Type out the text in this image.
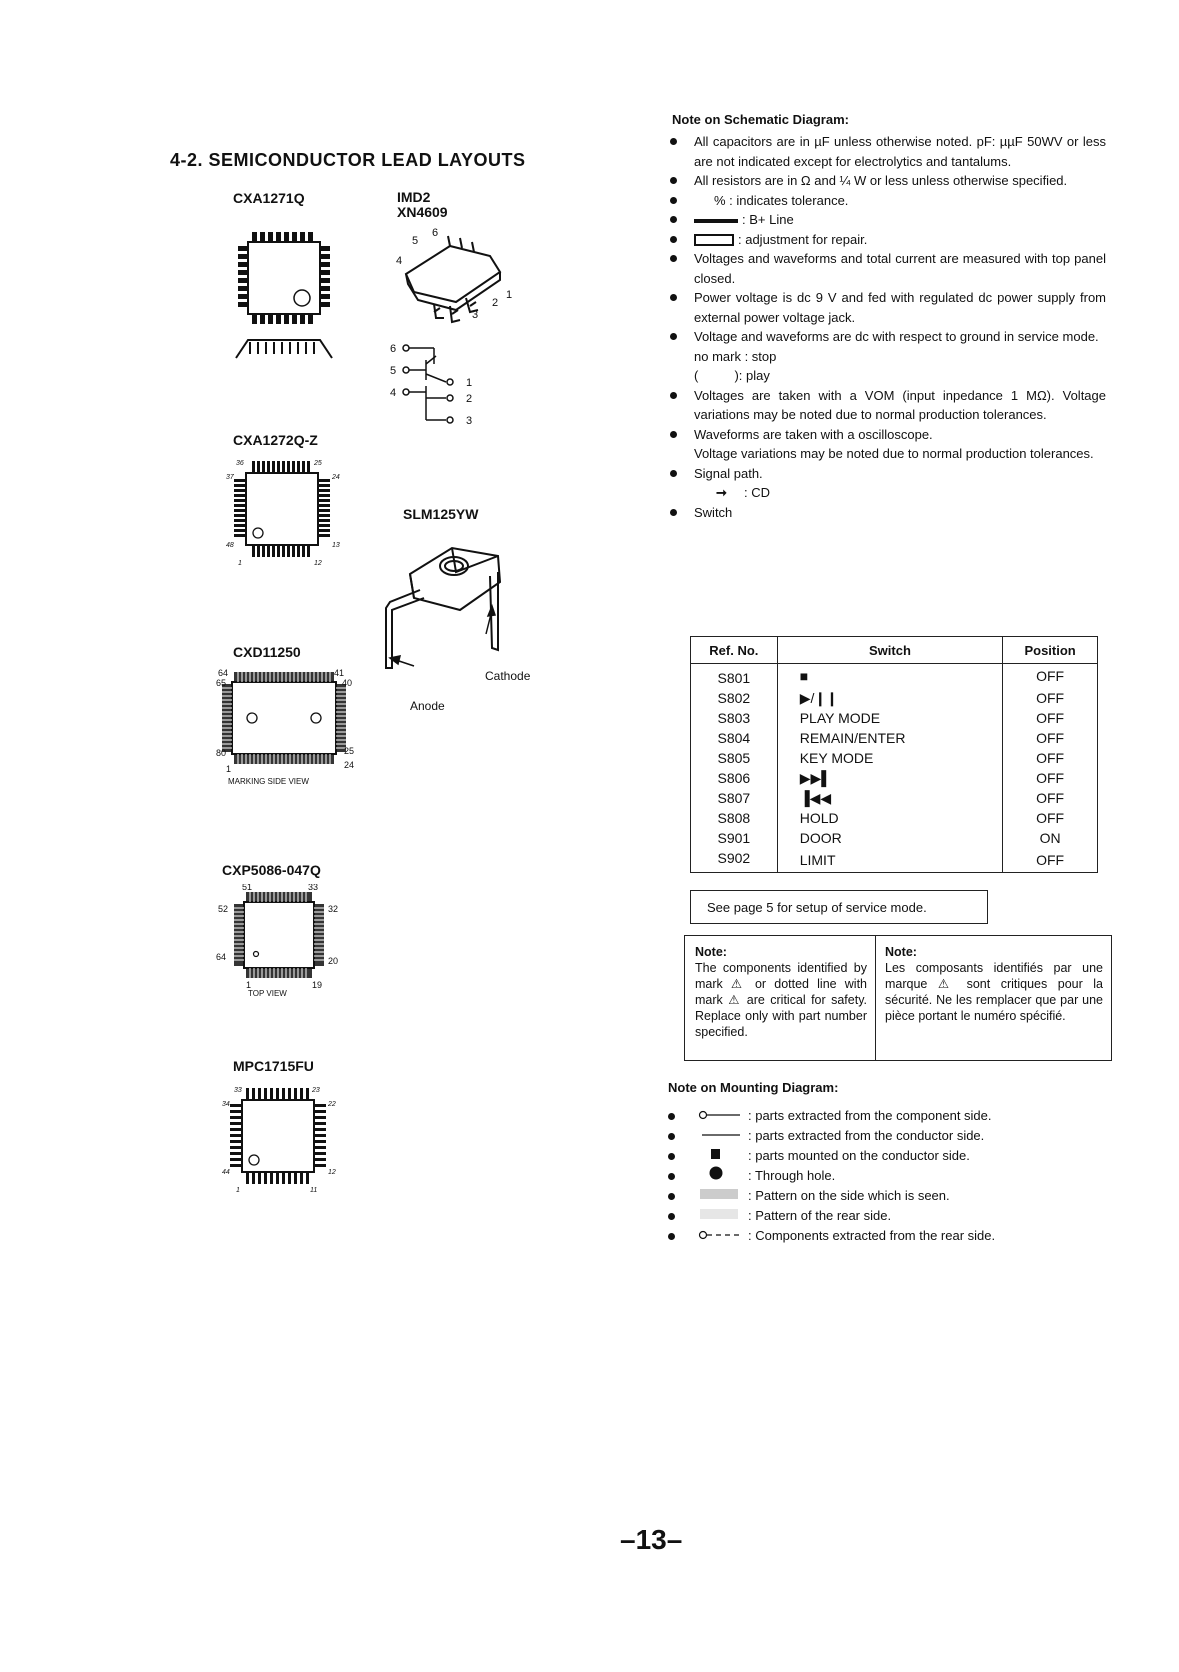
4-2. SEMICONDUCTOR LEAD LAYOUTS
CXA1271Q	IMD2
XN4609
6
5
4
1
2
3
6
5
4
1
2
3
CXA1272Q-Z
36	25
37	24
48	13
1	12
SLM125YW
Cathode
Anode
CXD11250
64
65
41
40
80	25
1	24
MARKING SIDE VIEW
CXP5086-047Q
51	33
52	32
64	20
1	19
TOP VIEW
MPC1715FU
33	23
34	22
44	12
1	11
Note on Schematic Diagram:
All capacitors are in µF unless otherwise noted. pF: µµF 50WV or less are not indicated except for electrolytics and tantalums.
All resistors are in Ω and ¼ W or less unless otherwise specified.
% : indicates tolerance.
: B+ Line
: adjustment for repair.
Voltages and waveforms and total current are measured with top panel closed.
Power voltage is dc 9 V and fed with regulated dc power supply from external power voltage jack.
Voltage and waveforms are dc with respect to ground in service mode.
no mark : stop
(          ): play
Voltages are taken with a VOM (input inpedance 1 MΩ). Voltage variations may be noted due to normal production tolerances.
Waveforms are taken with a oscilloscope.
Voltage variations may be noted due to normal production tolerances.
Signal path.
➞ : CD
Switch
Ref. No.	Switch	Position
S801	■	OFF
S802	▶/❙❙	OFF
S803	PLAY MODE	OFF
S804	REMAIN/ENTER	OFF
S805	KEY MODE	OFF
S806	▶▶▌	OFF
S807	▐◀◀	OFF
S808	HOLD	OFF
S901	DOOR	ON
S902	LIMIT	OFF
See page 5 for setup of service mode.
Note:
The components identified by mark ⚠ or dotted line with mark ⚠ are critical for safety. Replace only with part number specified.
Note:
Les composants identifiés par une marque ⚠ sont critiques pour la sécurité. Ne les remplacer que par une pièce portant le numéro spécifié.
Note on Mounting Diagram:
: parts extracted from the component side.
: parts extracted from the conductor side.
: parts mounted on the conductor side.
: Through hole.
: Pattern on the side which is seen.
: Pattern of the rear side.
: Components extracted from the rear side.
–13–
